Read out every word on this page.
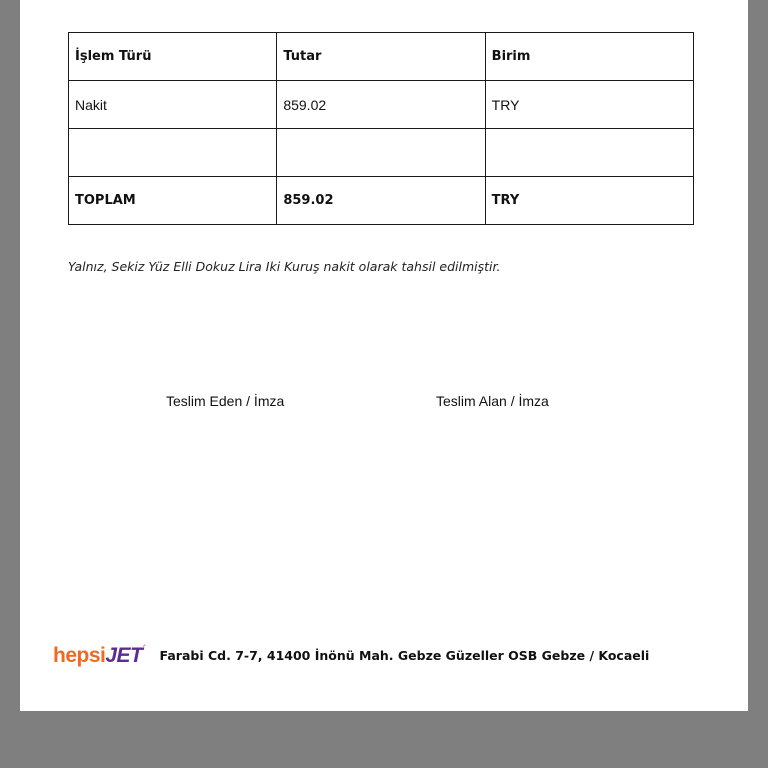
İşlem Türü	Tutar	Birim
Nakit	859.02	TRY

TOPLAM	859.02	TRY
Yalnız, Sekiz Yüz Elli Dokuz Lira Iki Kuruş nakit olarak tahsil edilmiştir.
Teslim Eden / İmza	Teslim Alan / İmza
hepsiJET´ Farabi Cd. 7-7, 41400 İnönü Mah. Gebze Güzeller OSB Gebze / Kocaeli
